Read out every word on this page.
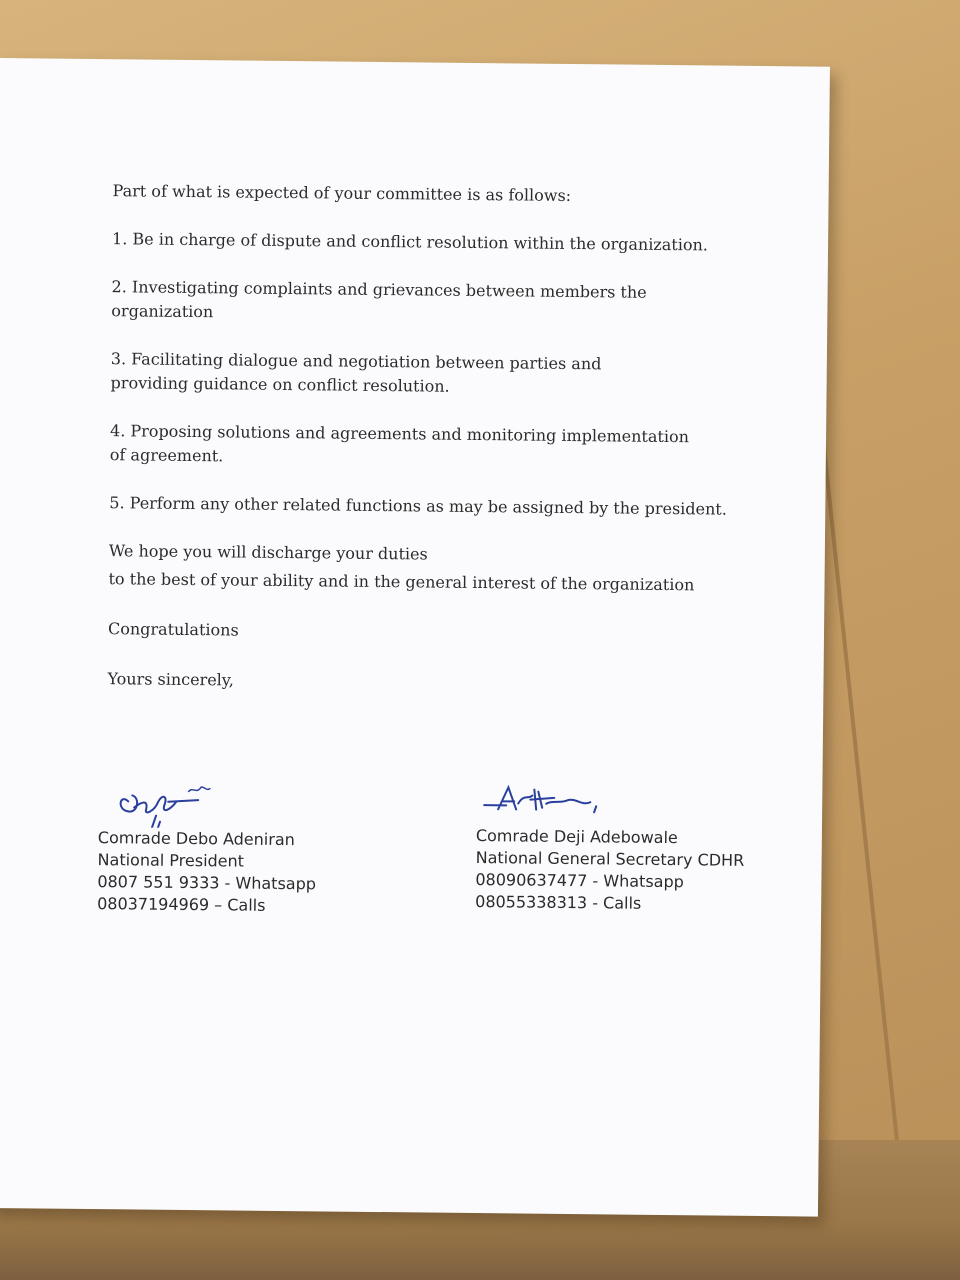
Part of what is expected of your committee is as follows:

1. Be in charge of dispute and conflict resolution within the organization.

2. Investigating complaints and grievances between members the organization

3. Facilitating dialogue and negotiation between parties and providing guidance on conflict resolution.

4. Proposing solutions and agreements and monitoring implementation of agreement.

5. Perform any other related functions as may be assigned by the president.

We hope you will discharge your duties

to the best of your ability and in the general interest of the organization

Congratulations

Yours sincerely,

Comrade Debo Adeniran

National President

0807 551 9333 - Whatsapp

08037194969 – Calls

Comrade Deji Adebowale

National General Secretary CDHR

08090637477 - Whatsapp

08055338313 - Calls
